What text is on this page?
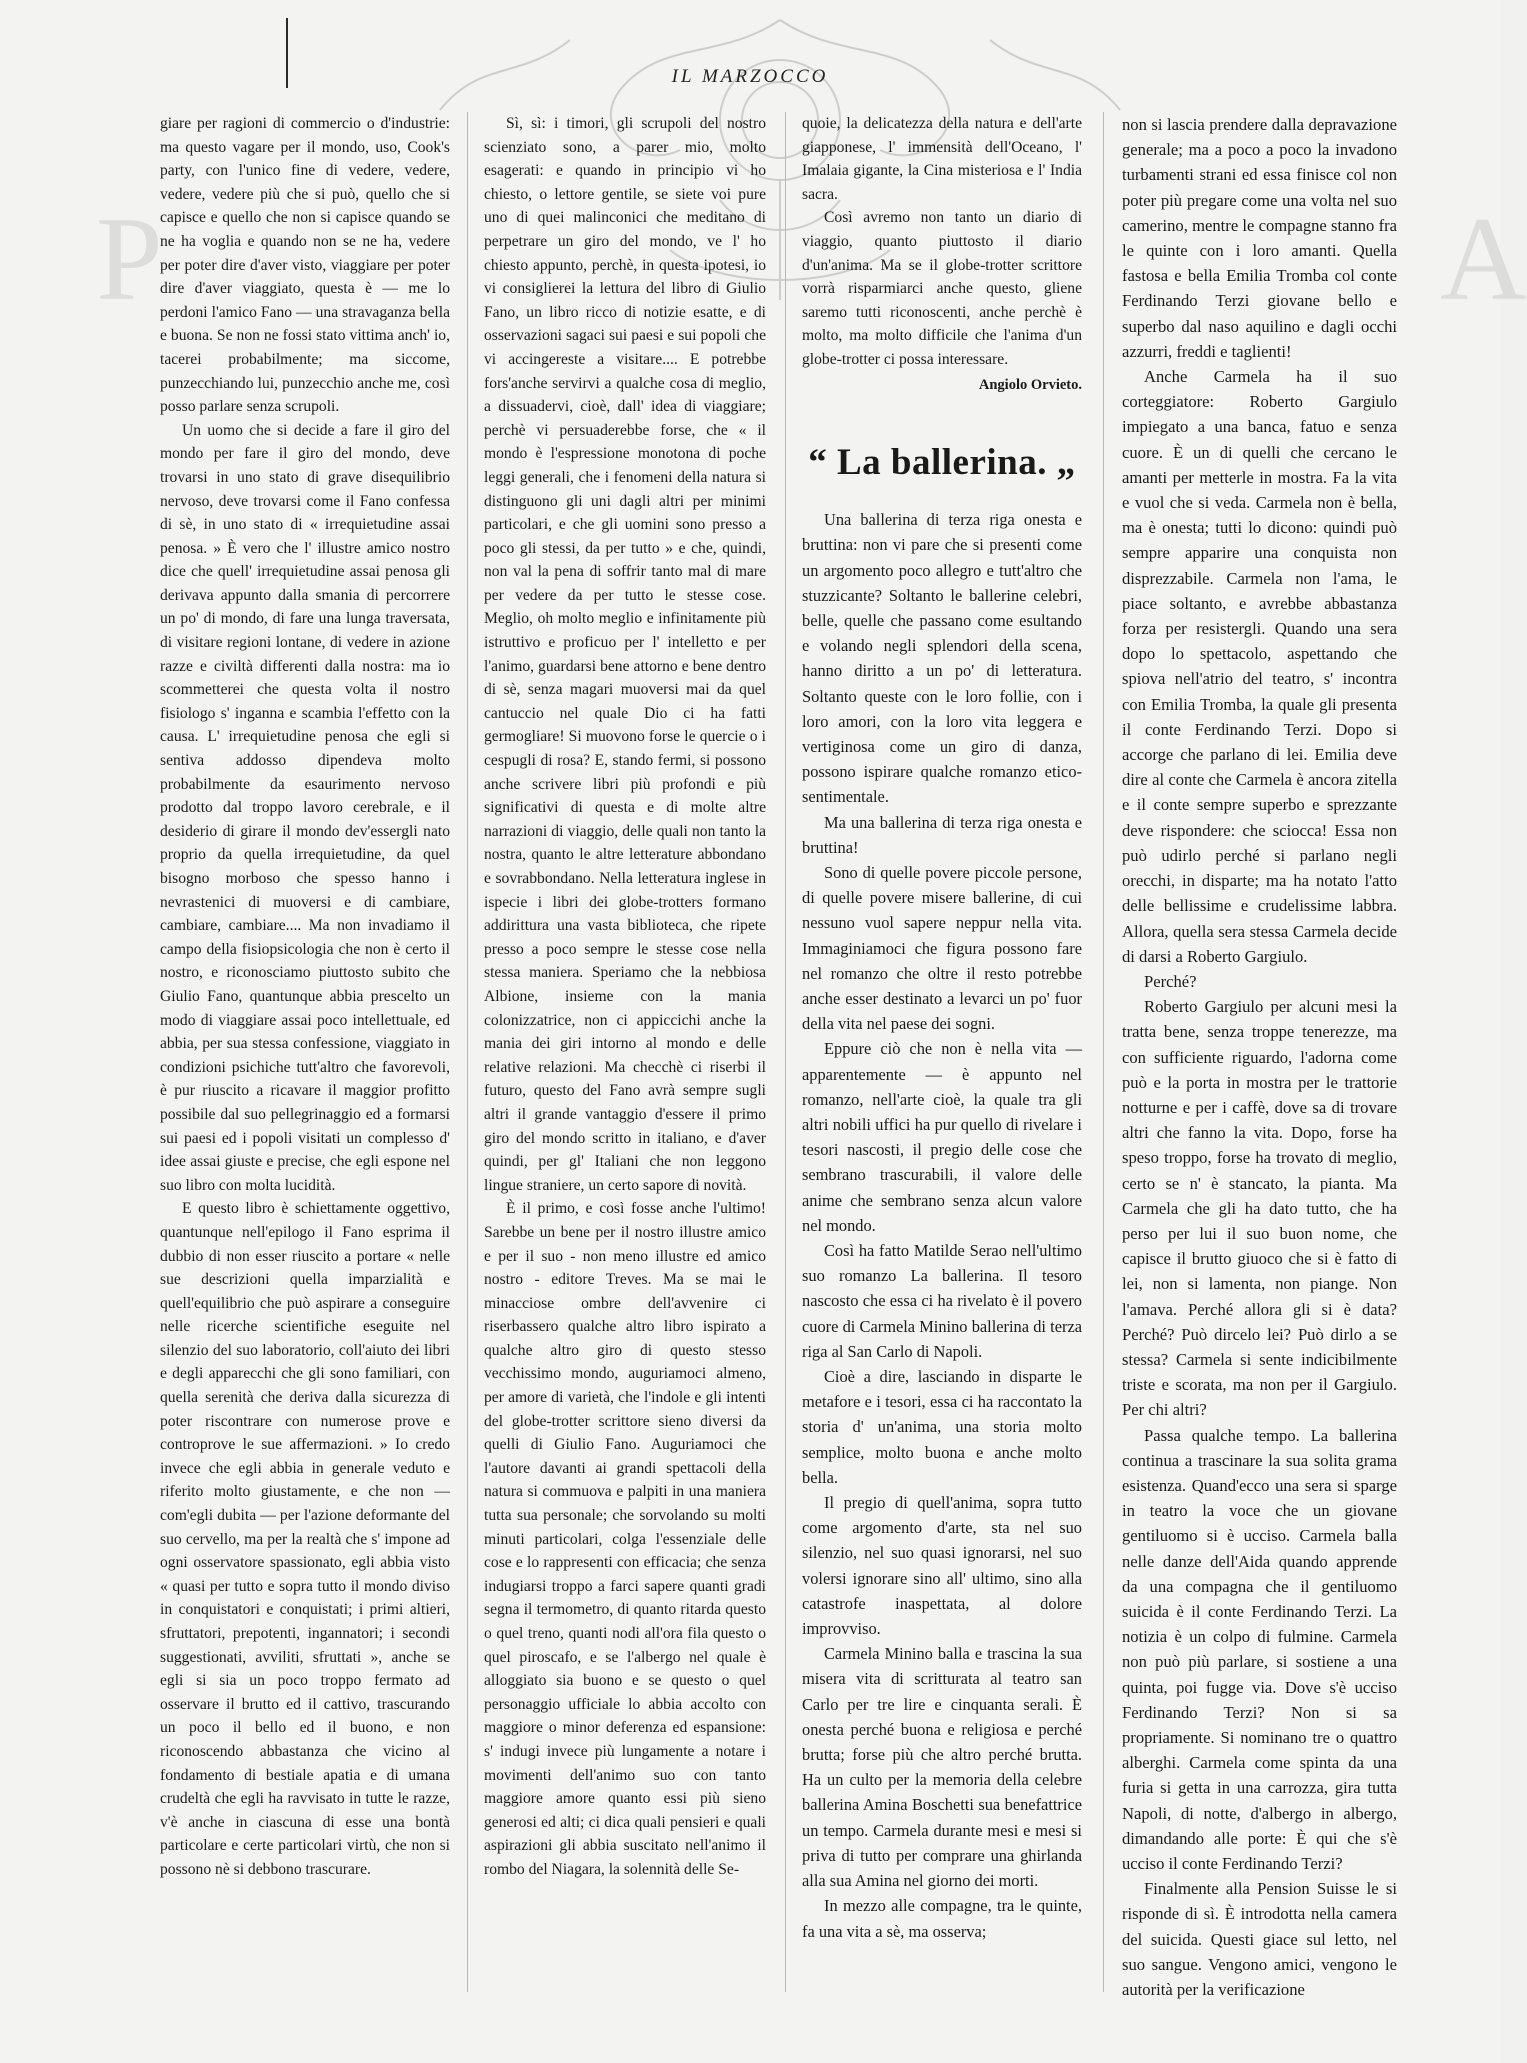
P	A
IL MARZOCCO

giare per ragioni di commercio o d'industrie: ma questo vagare per il mondo, uso, Cook's party, con l'unico fine di vedere, vedere, vedere, vedere più che si può, quello che si capisce e quello che non si capisce quando se ne ha voglia e quando non se ne ha, vedere per poter dire d'aver visto, viaggiare per poter dire d'aver viaggiato, questa è — me lo perdoni l'amico Fano — una stravaganza bella e buona. Se non ne fossi stato vittima anch' io, tacerei probabilmente; ma siccome, punzecchiando lui, punzecchio anche me, così posso parlare senza scrupoli.

Un uomo che si decide a fare il giro del mondo per fare il giro del mondo, deve trovarsi in uno stato di grave disequilibrio nervoso, deve trovarsi come il Fano confessa di sè, in uno stato di « irrequietudine assai penosa. » È vero che l' illustre amico nostro dice che quell' irrequietudine assai penosa gli derivava appunto dalla smania di percorrere un po' di mondo, di fare una lunga traversata, di visitare regioni lontane, di vedere in azione razze e civiltà differenti dalla nostra: ma io scommetterei che questa volta il nostro fisiologo s' inganna e scambia l'effetto con la causa. L' irrequietudine penosa che egli si sentiva addosso dipendeva molto probabilmente da esaurimento nervoso prodotto dal troppo lavoro cerebrale, e il desiderio di girare il mondo dev'essergli nato proprio da quella irrequietudine, da quel bisogno morboso che spesso hanno i nevrastenici di muoversi e di cambiare, cambiare, cambiare.... Ma non invadiamo il campo della fisiopsicologia che non è certo il nostro, e riconosciamo piuttosto subito che Giulio Fano, quantunque abbia prescelto un modo di viaggiare assai poco intellettuale, ed abbia, per sua stessa confessione, viaggiato in condizioni psichiche tutt'altro che favorevoli, è pur riuscito a ricavare il maggior profitto possibile dal suo pellegrinaggio ed a formarsi sui paesi ed i popoli visitati un complesso d' idee assai giuste e precise, che egli espone nel suo libro con molta lucidità.

E questo libro è schiettamente oggettivo, quantunque nell'epilogo il Fano esprima il dubbio di non esser riuscito a portare « nelle sue descrizioni quella imparzialità e quell'equilibrio che può aspirare a conseguire nelle ricerche scientifiche eseguite nel silenzio del suo laboratorio, coll'aiuto dei libri e degli apparecchi che gli sono familiari, con quella serenità che deriva dalla sicurezza di poter riscontrare con numerose prove e controprove le sue affermazioni. » Io credo invece che egli abbia in generale veduto e riferito molto giustamente, e che non — com'egli dubita — per l'azione deformante del suo cervello, ma per la realtà che s' impone ad ogni osservatore spassionato, egli abbia visto « quasi per tutto e sopra tutto il mondo diviso in conquistatori e conquistati; i primi altieri, sfruttatori, prepotenti, ingannatori; i secondi suggestionati, avviliti, sfruttati », anche se egli si sia un poco troppo fermato ad osservare il brutto ed il cattivo, trascurando un poco il bello ed il buono, e non riconoscendo abbastanza che vicino al fondamento di bestiale apatia e di umana crudeltà che egli ha ravvisato in tutte le razze, v'è anche in ciascuna di esse una bontà particolare e certe particolari virtù, che non si possono nè si debbono trascurare.

Sì, sì: i timori, gli scrupoli del nostro scienziato sono, a parer mio, molto esagerati: e quando in principio vi ho chiesto, o lettore gentile, se siete voi pure uno di quei malinconici che meditano di perpetrare un giro del mondo, ve l' ho chiesto appunto, perchè, in questa ipotesi, io vi consiglierei la lettura del libro di Giulio Fano, un libro ricco di notizie esatte, e di osservazioni sagaci sui paesi e sui popoli che vi accingereste a visitare.... E potrebbe fors'anche servirvi a qualche cosa di meglio, a dissuadervi, cioè, dall' idea di viaggiare; perchè vi persuaderebbe forse, che « il mondo è l'espressione monotona di poche leggi generali, che i fenomeni della natura si distinguono gli uni dagli altri per minimi particolari, e che gli uomini sono presso a poco gli stessi, da per tutto » e che, quindi, non val la pena di soffrir tanto mal di mare per vedere da per tutto le stesse cose. Meglio, oh molto meglio e infinitamente più istruttivo e proficuo per l' intelletto e per l'animo, guardarsi bene attorno e bene dentro di sè, senza magari muoversi mai da quel cantuccio nel quale Dio ci ha fatti germogliare! Si muovono forse le quercie o i cespugli di rosa? E, stando fermi, si possono anche scrivere libri più profondi e più significativi di questa e di molte altre narrazioni di viaggio, delle quali non tanto la nostra, quanto le altre letterature abbondano e sovrabbondano. Nella letteratura inglese in ispecie i libri dei globe-trotters formano addirittura una vasta biblioteca, che ripete presso a poco sempre le stesse cose nella stessa maniera. Speriamo che la nebbiosa Albione, insieme con la mania colonizzatrice, non ci appiccichi anche la mania dei giri intorno al mondo e delle relative relazioni. Ma checchè ci riserbi il futuro, questo del Fano avrà sempre sugli altri il grande vantaggio d'essere il primo giro del mondo scritto in italiano, e d'aver quindi, per gl' Italiani che non leggono lingue straniere, un certo sapore di novità.

È il primo, e così fosse anche l'ultimo! Sarebbe un bene per il nostro illustre amico e per il suo - non meno illustre ed amico nostro - editore Treves. Ma se mai le minacciose ombre dell'avvenire ci riserbassero qualche altro libro ispirato a qualche altro giro di questo stesso vecchissimo mondo, auguriamoci almeno, per amore di varietà, che l'indole e gli intenti del globe-trotter scrittore sieno diversi da quelli di Giulio Fano. Auguriamoci che l'autore davanti ai grandi spettacoli della natura si commuova e palpiti in una maniera tutta sua personale; che sorvolando su molti minuti particolari, colga l'essenziale delle cose e lo rappresenti con efficacia; che senza indugiarsi troppo a farci sapere quanti gradi segna il termometro, di quanto ritarda questo o quel treno, quanti nodi all'ora fila questo o quel piroscafo, e se l'albergo nel quale è alloggiato sia buono e se questo o quel personaggio ufficiale lo abbia accolto con maggiore o minor deferenza ed espansione: s' indugi invece più lungamente a notare i movimenti dell'animo suo con tanto maggiore amore quanto essi più sieno generosi ed alti; ci dica quali pensieri e quali aspirazioni gli abbia suscitato nell'animo il rombo del Niagara, la solennità delle Se-

quoie, la delicatezza della natura e dell'arte giapponese, l' immensità dell'Oceano, l' Imalaia gigante, la Cina misteriosa e l' India sacra.

Così avremo non tanto un diario di viaggio, quanto piuttosto il diario d'un'anima. Ma se il globe-trotter scrittore vorrà risparmiarci anche questo, gliene saremo tutti riconoscenti, anche perchè è molto, ma molto difficile che l'anima d'un globe-trotter ci possa interessare.

Angiolo Orvieto.
“ La ballerina. „

Una ballerina di terza riga onesta e bruttina: non vi pare che si presenti come un argomento poco allegro e tutt'altro che stuzzicante? Soltanto le ballerine celebri, belle, quelle che passano come esultando e volando negli splendori della scena, hanno diritto a un po' di letteratura. Soltanto queste con le loro follie, con i loro amori, con la loro vita leggera e vertiginosa come un giro di danza, possono ispirare qualche romanzo etico-sentimentale.

Ma una ballerina di terza riga onesta e bruttina!

Sono di quelle povere piccole persone, di quelle povere misere ballerine, di cui nessuno vuol sapere neppur nella vita. Immaginiamoci che figura possono fare nel romanzo che oltre il resto potrebbe anche esser destinato a levarci un po' fuor della vita nel paese dei sogni.

Eppure ciò che non è nella vita — apparentemente — è appunto nel romanzo, nell'arte cioè, la quale tra gli altri nobili uffici ha pur quello di rivelare i tesori nascosti, il pregio delle cose che sembrano trascurabili, il valore delle anime che sembrano senza alcun valore nel mondo.

Così ha fatto Matilde Serao nell'ultimo suo romanzo La ballerina. Il tesoro nascosto che essa ci ha rivelato è il povero cuore di Carmela Minino ballerina di terza riga al San Carlo di Napoli.

Cioè a dire, lasciando in disparte le metafore e i tesori, essa ci ha raccontato la storia d' un'anima, una storia molto semplice, molto buona e anche molto bella.

Il pregio di quell'anima, sopra tutto come argomento d'arte, sta nel suo silenzio, nel suo quasi ignorarsi, nel suo volersi ignorare sino all' ultimo, sino alla catastrofe inaspettata, al dolore improvviso.

Carmela Minino balla e trascina la sua misera vita di scritturata al teatro san Carlo per tre lire e cinquanta serali. È onesta perché buona e religiosa e perché brutta; forse più che altro perché brutta. Ha un culto per la memoria della celebre ballerina Amina Boschetti sua benefattrice un tempo. Carmela durante mesi e mesi si priva di tutto per comprare una ghirlanda alla sua Amina nel giorno dei morti.

In mezzo alle compagne, tra le quinte, fa una vita a sè, ma osserva;

non si lascia prendere dalla depravazione generale; ma a poco a poco la invadono turbamenti strani ed essa finisce col non poter più pregare come una volta nel suo camerino, mentre le compagne stanno fra le quinte con i loro amanti. Quella fastosa e bella Emilia Tromba col conte Ferdinando Terzi giovane bello e superbo dal naso aquilino e dagli occhi azzurri, freddi e taglienti!

Anche Carmela ha il suo corteggiatore: Roberto Gargiulo impiegato a una banca, fatuo e senza cuore. È un di quelli che cercano le amanti per metterle in mostra. Fa la vita e vuol che si veda. Carmela non è bella, ma è onesta; tutti lo dicono: quindi può sempre apparire una conquista non disprezzabile. Carmela non l'ama, le piace soltanto, e avrebbe abbastanza forza per resistergli. Quando una sera dopo lo spettacolo, aspettando che spiova nell'atrio del teatro, s' incontra con Emilia Tromba, la quale gli presenta il conte Ferdinando Terzi. Dopo si accorge che parlano di lei. Emilia deve dire al conte che Carmela è ancora zitella e il conte sempre superbo e sprezzante deve rispondere: che sciocca! Essa non può udirlo perché si parlano negli orecchi, in disparte; ma ha notato l'atto delle bellissime e crudelissime labbra. Allora, quella sera stessa Carmela decide di darsi a Roberto Gargiulo.

Perché?

Roberto Gargiulo per alcuni mesi la tratta bene, senza troppe tenerezze, ma con sufficiente riguardo, l'adorna come può e la porta in mostra per le trattorie notturne e per i caffè, dove sa di trovare altri che fanno la vita. Dopo, forse ha speso troppo, forse ha trovato di meglio, certo se n' è stancato, la pianta. Ma Carmela che gli ha dato tutto, che ha perso per lui il suo buon nome, che capisce il brutto giuoco che si è fatto di lei, non si lamenta, non piange. Non l'amava. Perché allora gli si è data? Perché? Può dircelo lei? Può dirlo a se stessa? Carmela si sente indicibilmente triste e scorata, ma non per il Gargiulo. Per chi altri?

Passa qualche tempo. La ballerina continua a trascinare la sua solita grama esistenza. Quand'ecco una sera si sparge in teatro la voce che un giovane gentiluomo si è ucciso. Carmela balla nelle danze dell'Aida quando apprende da una compagna che il gentiluomo suicida è il conte Ferdinando Terzi. La notizia è un colpo di fulmine. Carmela non può più parlare, si sostiene a una quinta, poi fugge via. Dove s'è ucciso Ferdinando Terzi? Non si sa propriamente. Si nominano tre o quattro alberghi. Carmela come spinta da una furia si getta in una carrozza, gira tutta Napoli, di notte, d'albergo in albergo, dimandando alle porte: È qui che s'è ucciso il conte Ferdinando Terzi?

Finalmente alla Pension Suisse le si risponde di sì. È introdotta nella camera del suicida. Questi giace sul letto, nel suo sangue. Vengono amici, vengono le autorità per la verificazione
